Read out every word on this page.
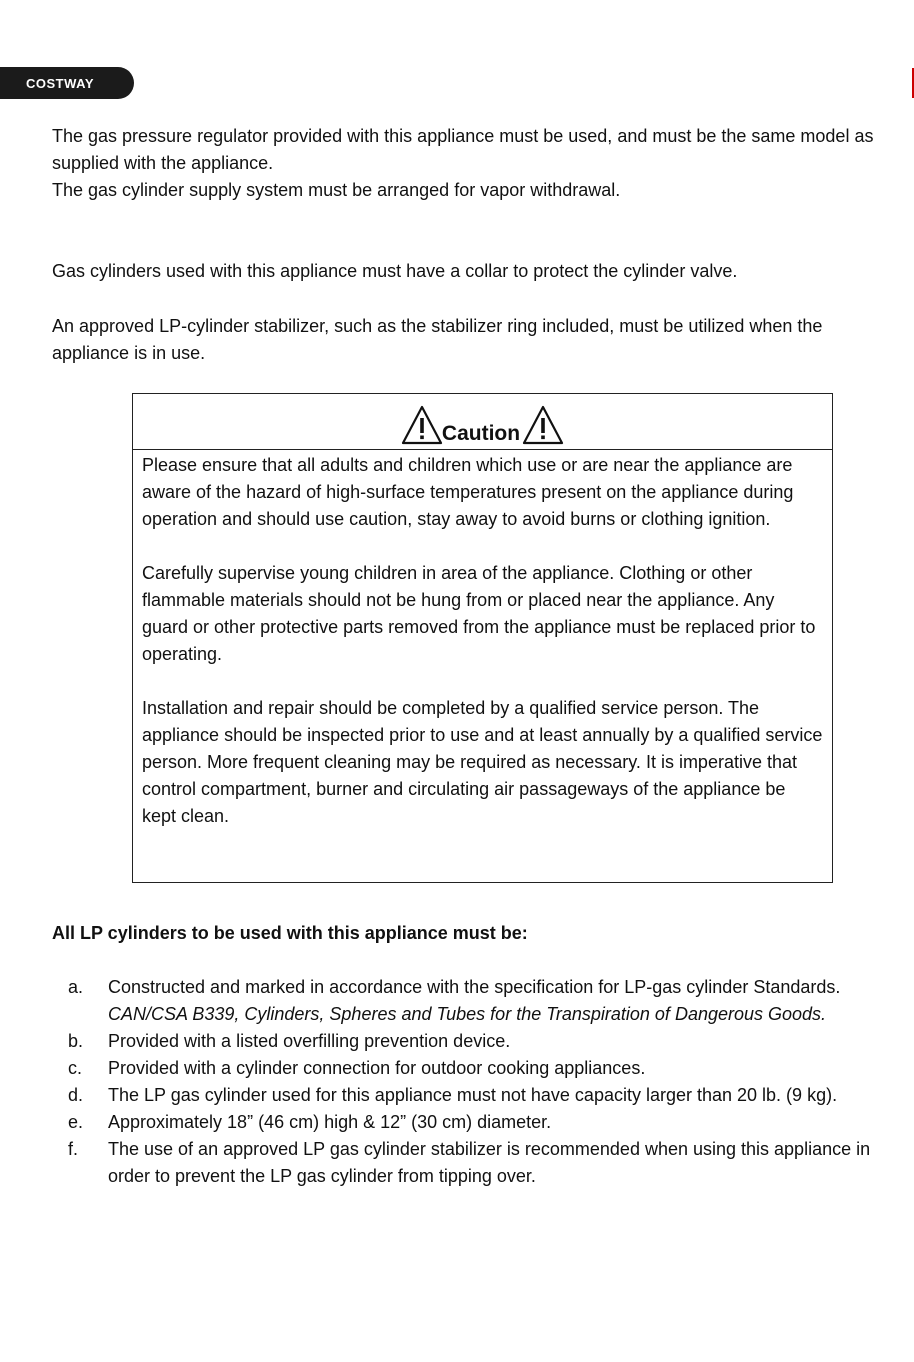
COSTWAY
The gas pressure regulator provided with this appliance must be used, and must be the same model as supplied with the appliance.
The gas cylinder supply system must be arranged for vapor withdrawal.

Gas cylinders used with this appliance must have a collar to protect the cylinder valve.

An approved LP-cylinder stabilizer, such as the stabilizer ring included, must be utilized when the appliance is in use.

Caution

Please ensure that all adults and children which use or are near the appliance are aware of the hazard of high-surface temperatures present on the appliance during operation and should use caution, stay away to avoid burns or clothing ignition.

Carefully supervise young children in area of the appliance. Clothing or other flammable materials should not be hung from or placed near the appliance. Any guard or other protective parts removed from the appliance must be replaced prior to operating.

Installation and repair should be completed by a qualified service person. The appliance should be inspected prior to use and at least annually by a qualified service person. More frequent cleaning may be required as necessary. It is imperative that control compartment, burner and circulating air passageways of the appliance be kept clean.

All LP cylinders to be used with this appliance must be:

a.	Constructed and marked in accordance with the specification for LP-gas cylinder Standards. CAN/CSA B339, Cylinders, Spheres and Tubes for the Transpiration of Dangerous Goods.
b.	Provided with a listed overfilling prevention device.
c.	Provided with a cylinder connection for outdoor cooking appliances.
d.	The LP gas cylinder used for this appliance must not have capacity larger than 20 lb. (9 kg).
e.	Approximately 18” (46 cm) high & 12” (30 cm) diameter.
f.	The use of an approved LP gas cylinder stabilizer is recommended when using this appliance in order to prevent the LP gas cylinder from tipping over.
